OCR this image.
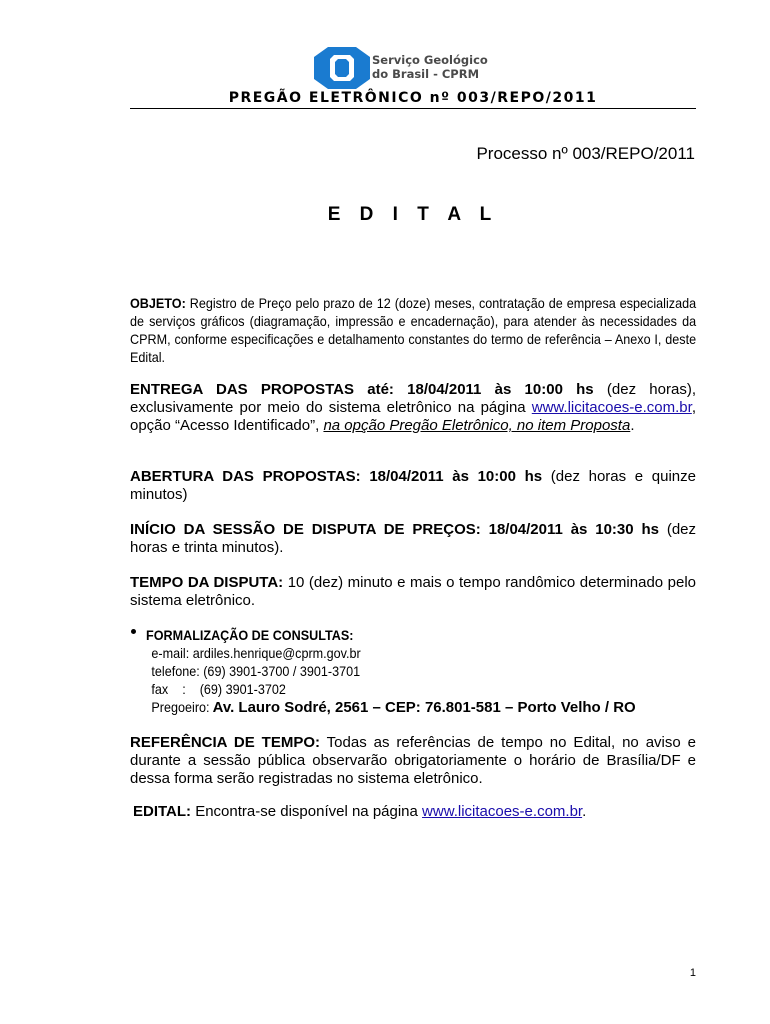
Serviço Geológico
do Brasil - CPRM
PREGÃO ELETRÔNICO nº 003/REPO/2011
Processo nº 003/REPO/2011
E D I T A L
OBJETO: Registro de Preço pelo prazo de 12 (doze) meses, contratação de empresa especializada de serviços gráficos (diagramação, impressão e encadernação), para atender às necessidades da CPRM, conforme especificações e detalhamento constantes do termo de referência – Anexo I, deste Edital.
ENTREGA DAS PROPOSTAS até: 18/04/2011 às 10:00 hs (dez horas), exclusivamente por meio do sistema eletrônico na página www.licitacoes-e.com.br, opção “Acesso Identificado”, na opção Pregão Eletrônico, no item Proposta.
ABERTURA DAS PROPOSTAS: 18/04/2011 às 10:00 hs (dez horas e quinze minutos)
INÍCIO DA SESSÃO DE DISPUTA DE PREÇOS: 18/04/2011 às 10:30 hs (dez horas e trinta minutos).
TEMPO DA DISPUTA: 10 (dez) minuto e mais o tempo randômico determinado pelo sistema eletrônico.
FORMALIZAÇÃO DE CONSULTAS:
e-mail: ardiles.henrique@cprm.gov.br
telefone: (69) 3901-3700 / 3901-3701
fax    :    (69) 3901-3702
Pregoeiro: Av. Lauro Sodré, 2561 – CEP: 76.801-581 – Porto Velho / RO
REFERÊNCIA DE TEMPO: Todas as referências de tempo no Edital, no aviso e durante a sessão pública observarão obrigatoriamente o horário de Brasília/DF e dessa forma serão registradas no sistema eletrônico.
EDITAL: Encontra-se disponível na página www.licitacoes-e.com.br.
1
